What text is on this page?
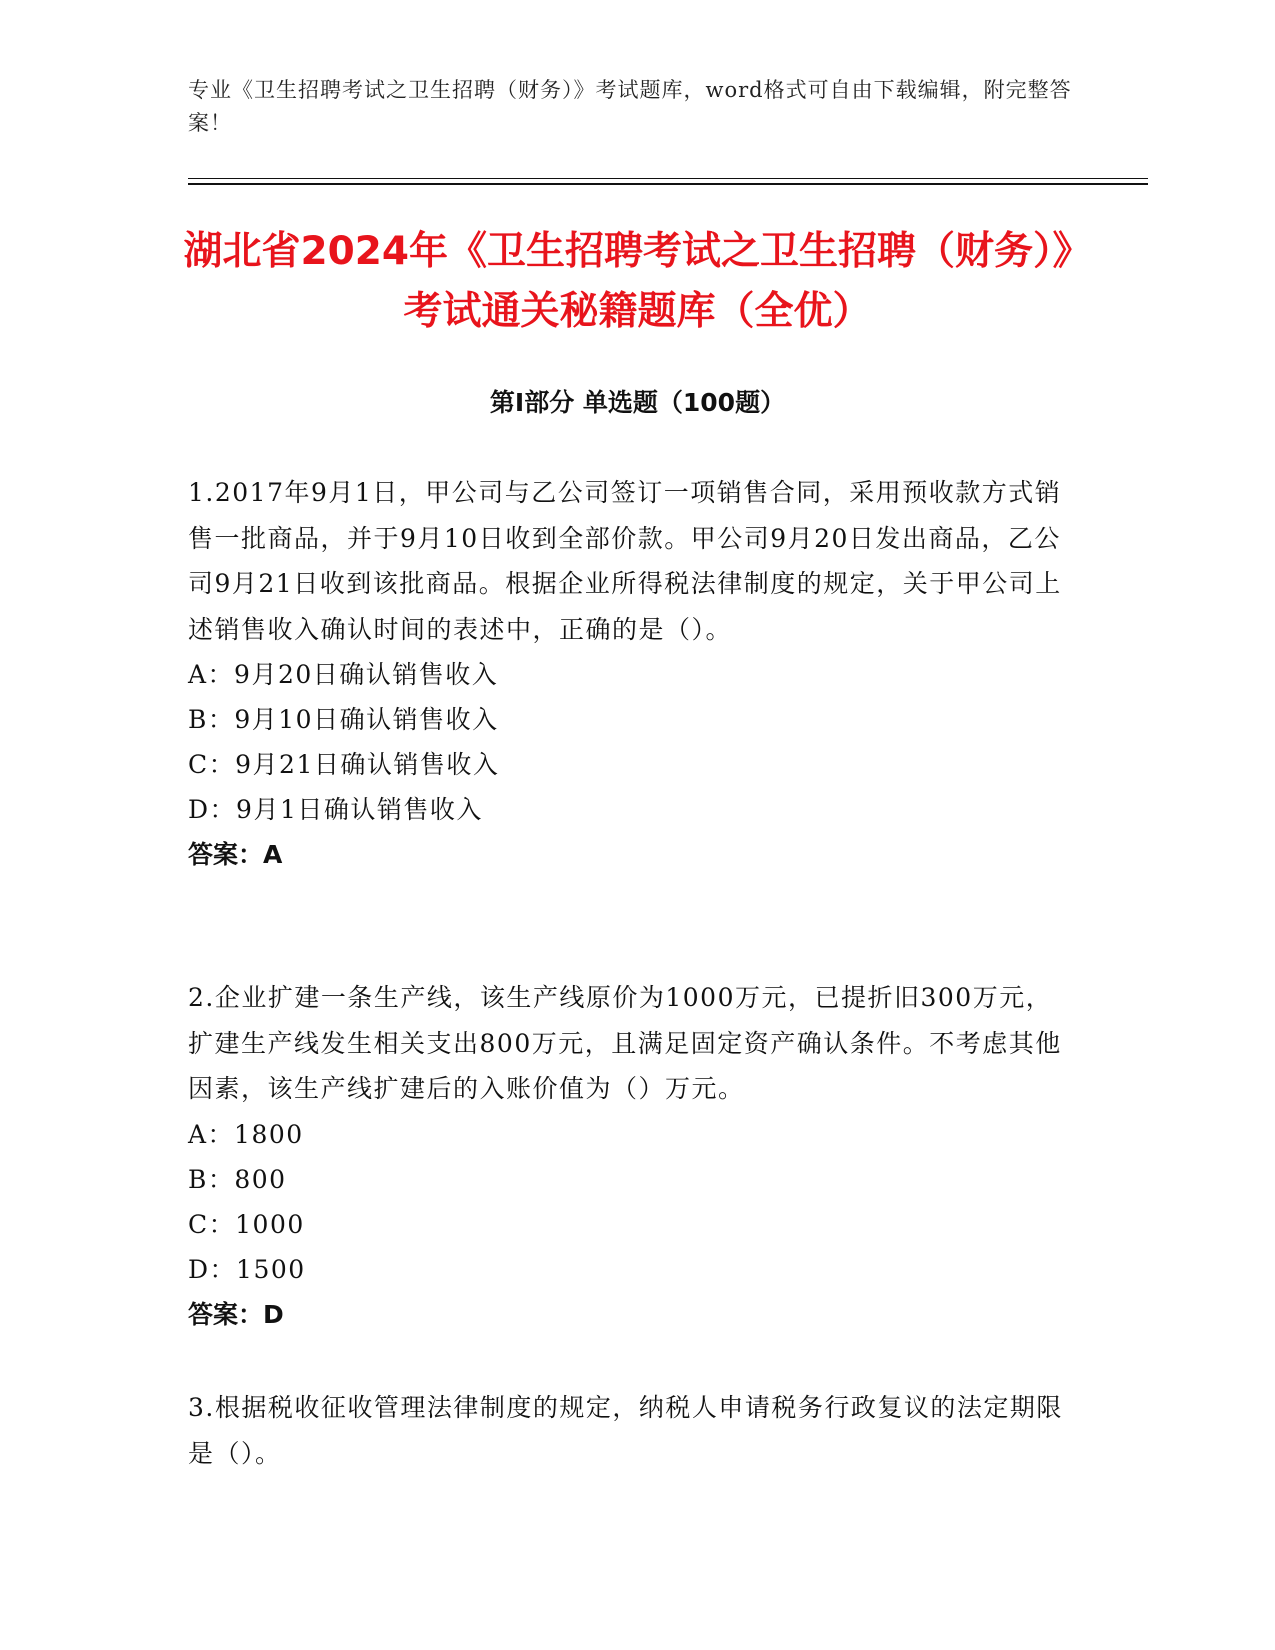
专业《卫生招聘考试之卫生招聘（财务）》考试题库，word格式可自由下载编辑，附完整答案！
湖北省2024年《卫生招聘考试之卫生招聘（财务）》考试通关秘籍题库（全优）
第I部分 单选题（100题）
1.2017年9月1日，甲公司与乙公司签订一项销售合同，采用预收款方式销售一批商品，并于9月10日收到全部价款。甲公司9月20日发出商品，乙公司9月21日收到该批商品。根据企业所得税法律制度的规定，关于甲公司上述销售收入确认时间的表述中，正确的是（）。
A：9月20日确认销售收入
B：9月10日确认销售收入
C：9月21日确认销售收入
D：9月1日确认销售收入
答案：A
2.企业扩建一条生产线，该生产线原价为1000万元，已提折旧300万元，扩建生产线发生相关支出800万元，且满足固定资产确认条件。不考虑其他因素，该生产线扩建后的入账价值为（）万元。
A：1800
B：800
C：1000
D：1500
答案：D
3.根据税收征收管理法律制度的规定，纳税人申请税务行政复议的法定期限是（）。
